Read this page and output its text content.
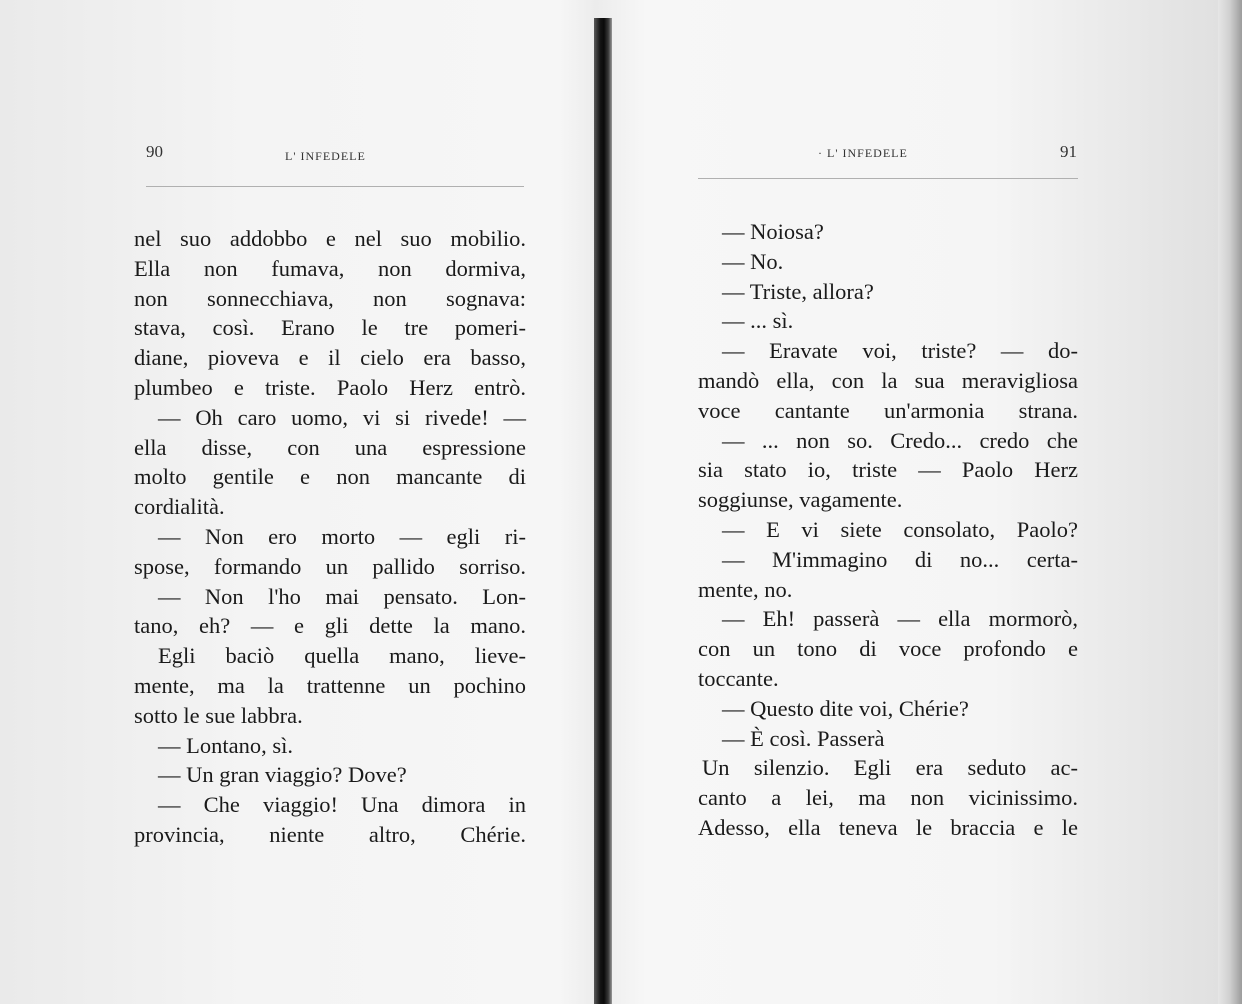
90	L' INFEDELE
nel suo addobbo e nel suo mobilio.
Ella non fumava, non dormiva,
non sonnecchiava, non sognava:
stava, così. Erano le tre pomeri-
diane, pioveva e il cielo era basso,
plumbeo e triste. Paolo Herz entrò.
— Oh caro uomo, vi si rivede! —
ella disse, con una espressione
molto gentile e non mancante di
cordialità.
— Non ero morto — egli ri-
spose, formando un pallido sorriso.
— Non l'ho mai pensato. Lon-
tano, eh? — e gli dette la mano.
Egli baciò quella mano, lieve-
mente, ma la trattenne un pochino
sotto le sue labbra.
— Lontano, sì.
— Un gran viaggio? Dove?
— Che viaggio! Una dimora in
provincia, niente altro, Chérie.
· L' INFEDELE	91
— Noiosa?
— No.
— Triste, allora?
— ... sì.
— Eravate voi, triste? — do-
mandò ella, con la sua meravigliosa
voce cantante un'armonia strana.
— ... non so. Credo... credo che
sia stato io, triste — Paolo Herz
soggiunse, vagamente.
— E vi siete consolato, Paolo?
— M'immagino di no... certa-
mente, no.
— Eh! passerà — ella mormorò,
con un tono di voce profondo e
toccante.
— Questo dite voi, Chérie?
— È così. Passerà
Un silenzio. Egli era seduto ac-
canto a lei, ma non vicinissimo.
Adesso, ella teneva le braccia e le
